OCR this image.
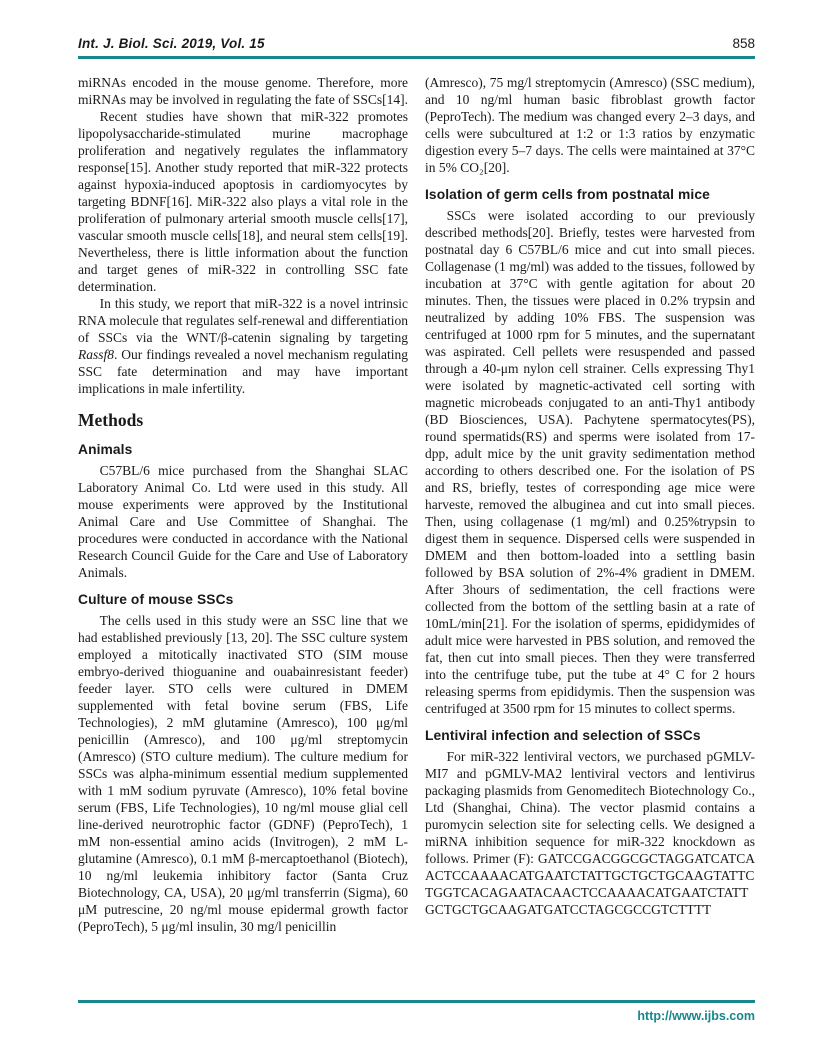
Int. J. Biol. Sci. 2019, Vol. 15	858

miRNAs encoded in the mouse genome. Therefore, more miRNAs may be involved in regulating the fate of SSCs[14].

Recent studies have shown that miR-322 promotes lipopolysaccharide-stimulated murine macrophage proliferation and negatively regulates the inflammatory response[15]. Another study reported that miR-322 protects against hypoxia-induced apoptosis in cardiomyocytes by targeting BDNF[16]. MiR-322 also plays a vital role in the proliferation of pulmonary arterial smooth muscle cells[17], vascular smooth muscle cells[18], and neural stem cells[19]. Nevertheless, there is little information about the function and target genes of miR-322 in controlling SSC fate determination.

In this study, we report that miR-322 is a novel intrinsic RNA molecule that regulates self-renewal and differentiation of SSCs via the WNT/β-catenin signaling by targeting Rassf8. Our findings revealed a novel mechanism regulating SSC fate determination and may have important implications in male infertility.

Methods
Animals

C57BL/6 mice purchased from the Shanghai SLAC Laboratory Animal Co. Ltd were used in this study. All mouse experiments were approved by the Institutional Animal Care and Use Committee of Shanghai. The procedures were conducted in accordance with the National Research Council Guide for the Care and Use of Laboratory Animals.

Culture of mouse SSCs

The cells used in this study were an SSC line that we had established previously [13, 20]. The SSC culture system employed a mitotically inactivated STO (SIM mouse embryo-derived thioguanine and ouabainresistant feeder) feeder layer. STO cells were cultured in DMEM supplemented with fetal bovine serum (FBS, Life Technologies), 2 mM glutamine (Amresco), 100 μg/ml penicillin (Amresco), and 100 μg/ml streptomycin (Amresco) (STO culture medium). The culture medium for SSCs was alpha-minimum essential medium supplemented with 1 mM sodium pyruvate (Amresco), 10% fetal bovine serum (FBS, Life Technologies), 10 ng/ml mouse glial cell line-derived neurotrophic factor (GDNF) (PeproTech), 1 mM non-essential amino acids (Invitrogen), 2 mM L-glutamine (Amresco), 0.1 mM β-mercaptoethanol (Biotech), 10 ng/ml leukemia inhibitory factor (Santa Cruz Biotechnology, CA, USA), 20 μg/ml transferrin (Sigma), 60 μM putrescine, 20 ng/ml mouse epidermal growth factor (PeproTech), 5 μg/ml insulin, 30 mg/l penicillin

(Amresco), 75 mg/l streptomycin (Amresco) (SSC medium), and 10 ng/ml human basic fibroblast growth factor (PeproTech). The medium was changed every 2–3 days, and cells were subcultured at 1:2 or 1:3 ratios by enzymatic digestion every 5–7 days. The cells were maintained at 37°C in 5% CO₂[20].

Isolation of germ cells from postnatal mice

SSCs were isolated according to our previously described methods[20]. Briefly, testes were harvested from postnatal day 6 C57BL/6 mice and cut into small pieces. Collagenase (1 mg/ml) was added to the tissues, followed by incubation at 37°C with gentle agitation for about 20 minutes. Then, the tissues were placed in 0.2% trypsin and neutralized by adding 10% FBS. The suspension was centrifuged at 1000 rpm for 5 minutes, and the supernatant was aspirated. Cell pellets were resuspended and passed through a 40-μm nylon cell strainer. Cells expressing Thy1 were isolated by magnetic-activated cell sorting with magnetic microbeads conjugated to an anti-Thy1 antibody (BD Biosciences, USA). Pachytene spermatocytes(PS), round spermatids(RS) and sperms were isolated from 17-dpp, adult mice by the unit gravity sedimentation method according to others described one. For the isolation of PS and RS, briefly, testes of corresponding age mice were harveste, removed the albuginea and cut into small pieces. Then, using collagenase (1 mg/ml) and 0.25%trypsin to digest them in sequence. Dispersed cells were suspended in DMEM and then bottom-loaded into a settling basin followed by BSA solution of 2%-4% gradient in DMEM. After 3hours of sedimentation, the cell fractions were collected from the bottom of the settling basin at a rate of 10mL/min[21]. For the isolation of sperms, epididymides of adult mice were harvested in PBS solution, and removed the fat, then cut into small pieces. Then they were transferred into the centrifuge tube, put the tube at 4° C for 2 hours releasing sperms from epididymis. Then the suspension was centrifuged at 3500 rpm for 15 minutes to collect sperms.

Lentiviral infection and selection of SSCs

For miR-322 lentiviral vectors, we purchased pGMLV-MI7 and pGMLV-MA2 lentiviral vectors and lentivirus packaging plasmids from Genomeditech Biotechnology Co., Ltd (Shanghai, China). The vector plasmid contains a puromycin selection site for selecting cells. We designed a miRNA inhibition sequence for miR-322 knockdown as follows. Primer (F): GATCCGACGGCGCTAGGATCATCAACTCCAAAACATGAATCTATTGCTGCTGCAAGTATTCTGGTCACAGAATACAACTCCAAAACATGAATCTATTGCTGCTGCAAGATGATCCTAGCGCCGTCTTTT

http://www.ijbs.com
